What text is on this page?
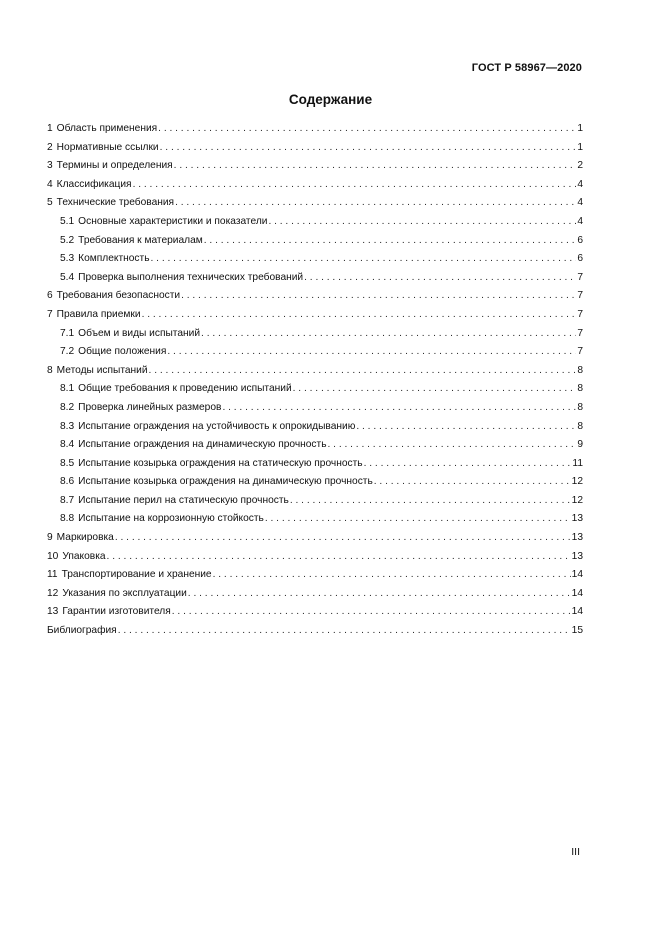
ГОСТ Р 58967—2020
Содержание
1 Область применения . . .	1
2 Нормативные ссылки . . .	1
3 Термины и определения . . .	2
4 Классификация . . .	4
5 Технические требования . . .	4
5.1 Основные характеристики и показатели . . .	4
5.2 Требования к материалам . . .	6
5.3 Комплектность . . .	6
5.4 Проверка выполнения технических требований . . .	7
6 Требования безопасности . . .	7
7 Правила приемки . . .	7
7.1 Объем и виды испытаний . . .	7
7.2 Общие положения . . .	7
8 Методы испытаний . . .	8
8.1 Общие требования к проведению испытаний . . .	8
8.2 Проверка линейных размеров . . .	8
8.3 Испытание ограждения на устойчивость к опрокидыванию . . .	8
8.4 Испытание ограждения на динамическую прочность . . .	9
8.5 Испытание козырька ограждения на статическую прочность . . .	11
8.6 Испытание козырька ограждения на динамическую прочность . . .	12
8.7 Испытание перил на статическую прочность . . .	12
8.8 Испытание на коррозионную стойкость . . .	13
9 Маркировка . . .	13
10 Упаковка . . .	13
11 Транспортирование и хранение . . .	14
12 Указания по эксплуатации . . .	14
13 Гарантии изготовителя . . .	14
Библиография . . .	15
III
